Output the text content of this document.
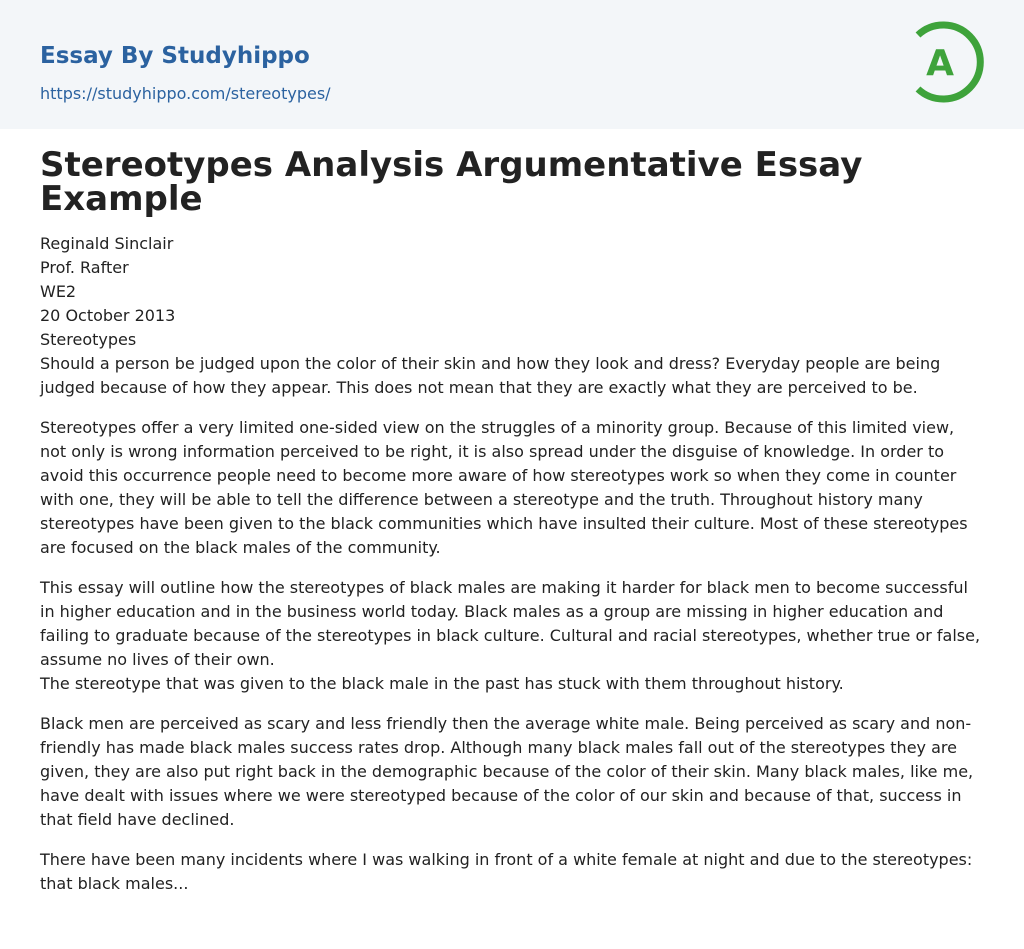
Essay By Studyhippo
https://studyhippo.com/stereotypes/
A
Stereotypes Analysis Argumentative Essay Example
Reginald Sinclair
Prof. Rafter
WE2
20 October 2013
Stereotypes

Should a person be judged upon the color of their skin and how they look and dress? Everyday people are being judged because of how they appear. This does not mean that they are exactly what they are perceived to be.

Stereotypes offer a very limited one-sided view on the struggles of a minority group. Because of this limited view, not only is wrong information perceived to be right, it is also spread under the disguise of knowledge. In order to avoid this occurrence people need to become more aware of how stereotypes work so when they come in counter with one, they will be able to tell the difference between a stereotype and the truth. Throughout history many stereotypes have been given to the black communities which have insulted their culture. Most of these stereotypes are focused on the black males of the community.

This essay will outline how the stereotypes of black males are making it harder for black men to become successful in higher education and in the business world today. Black males as a group are missing in higher education and failing to graduate because of the stereotypes in black culture. Cultural and racial stereotypes, whether true or false, assume no lives of their own.

The stereotype that was given to the black male in the past has stuck with them throughout history.

Black men are perceived as scary and less friendly then the average white male. Being perceived as scary and non-friendly has made black males success rates drop. Although many black males fall out of the stereotypes they are given, they are also put right back in the demographic because of the color of their skin. Many black males, like me, have dealt with issues where we were stereotyped because of the color of our skin and because of that, success in that field have declined.

There have been many incidents where I was walking in front of a white female at night and due to the stereotypes: that black males...
